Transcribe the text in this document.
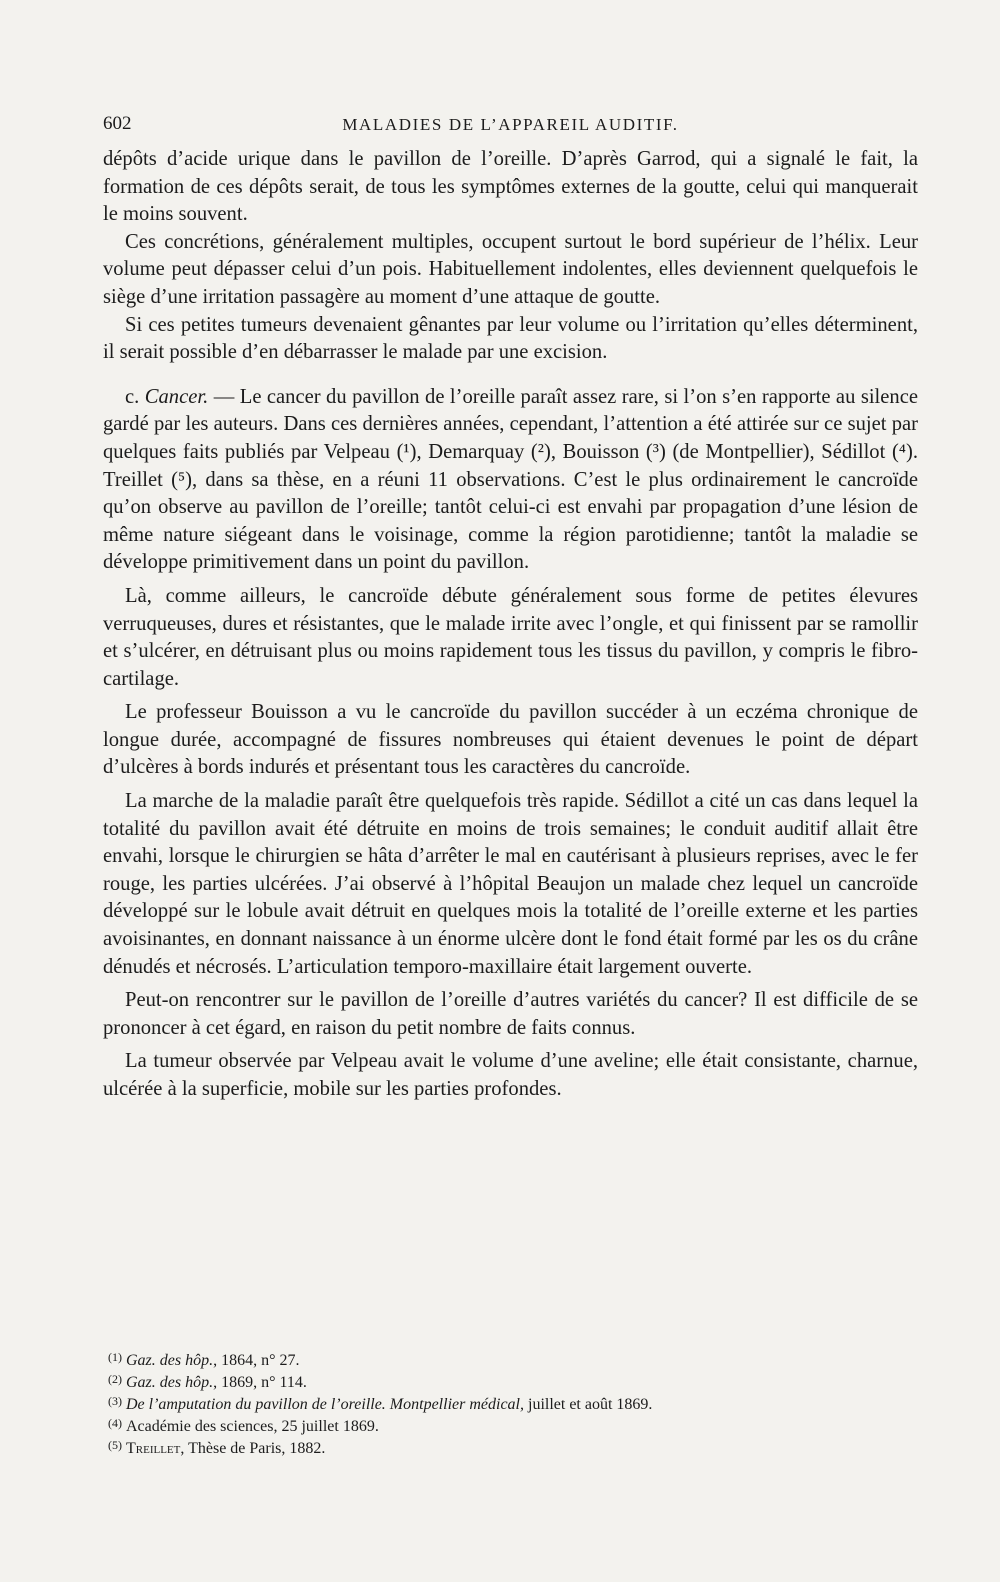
602	MALADIES DE L’APPAREIL AUDITIF.

dépôts d’acide urique dans le pavillon de l’oreille. D’après Garrod, qui a signalé le fait, la formation de ces dépôts serait, de tous les symptômes externes de la goutte, celui qui manquerait le moins souvent.

Ces concrétions, généralement multiples, occupent surtout le bord supérieur de l’hélix. Leur volume peut dépasser celui d’un pois. Habituellement indolentes, elles deviennent quelquefois le siège d’une irritation passagère au moment d’une attaque de goutte.

Si ces petites tumeurs devenaient gênantes par leur volume ou l’irritation qu’elles déterminent, il serait possible d’en débarrasser le malade par une excision.

c. Cancer. — Le cancer du pavillon de l’oreille paraît assez rare, si l’on s’en rapporte au silence gardé par les auteurs. Dans ces dernières années, cependant, l’attention a été attirée sur ce sujet par quelques faits publiés par Velpeau (¹), Demarquay (²), Bouisson (³) (de Montpellier), Sédillot (⁴). Treillet (⁵), dans sa thèse, en a réuni 11 observations. C’est le plus ordinairement le cancroïde qu’on observe au pavillon de l’oreille; tantôt celui-ci est envahi par propagation d’une lésion de même nature siégeant dans le voisinage, comme la région parotidienne; tantôt la maladie se développe primitivement dans un point du pavillon.

Là, comme ailleurs, le cancroïde débute généralement sous forme de petites élevures verruqueuses, dures et résistantes, que le malade irrite avec l’ongle, et qui finissent par se ramollir et s’ulcérer, en détruisant plus ou moins rapidement tous les tissus du pavillon, y compris le fibro-cartilage.

Le professeur Bouisson a vu le cancroïde du pavillon succéder à un eczéma chronique de longue durée, accompagné de fissures nombreuses qui étaient devenues le point de départ d’ulcères à bords indurés et présentant tous les caractères du cancroïde.

La marche de la maladie paraît être quelquefois très rapide. Sédillot a cité un cas dans lequel la totalité du pavillon avait été détruite en moins de trois semaines; le conduit auditif allait être envahi, lorsque le chirurgien se hâta d’arrêter le mal en cautérisant à plusieurs reprises, avec le fer rouge, les parties ulcérées. J’ai observé à l’hôpital Beaujon un malade chez lequel un cancroïde développé sur le lobule avait détruit en quelques mois la totalité de l’oreille externe et les parties avoisinantes, en donnant naissance à un énorme ulcère dont le fond était formé par les os du crâne dénudés et nécrosés. L’articulation temporo-maxillaire était largement ouverte.

Peut-on rencontrer sur le pavillon de l’oreille d’autres variétés du cancer? Il est difficile de se prononcer à cet égard, en raison du petit nombre de faits connus.

La tumeur observée par Velpeau avait le volume d’une aveline; elle était consistante, charnue, ulcérée à la superficie, mobile sur les parties profondes.

$^{(1)}$ Gaz. des hôp., 1864, n° 27.

$^{(2)}$ Gaz. des hôp., 1869, n° 114.

$^{(3)}$ De l’amputation du pavillon de l’oreille. Montpellier médical, juillet et août 1869.

$^{(4)}$ Académie des sciences, 25 juillet 1869.

$^{(5)}$ Treillet, Thèse de Paris, 1882.
